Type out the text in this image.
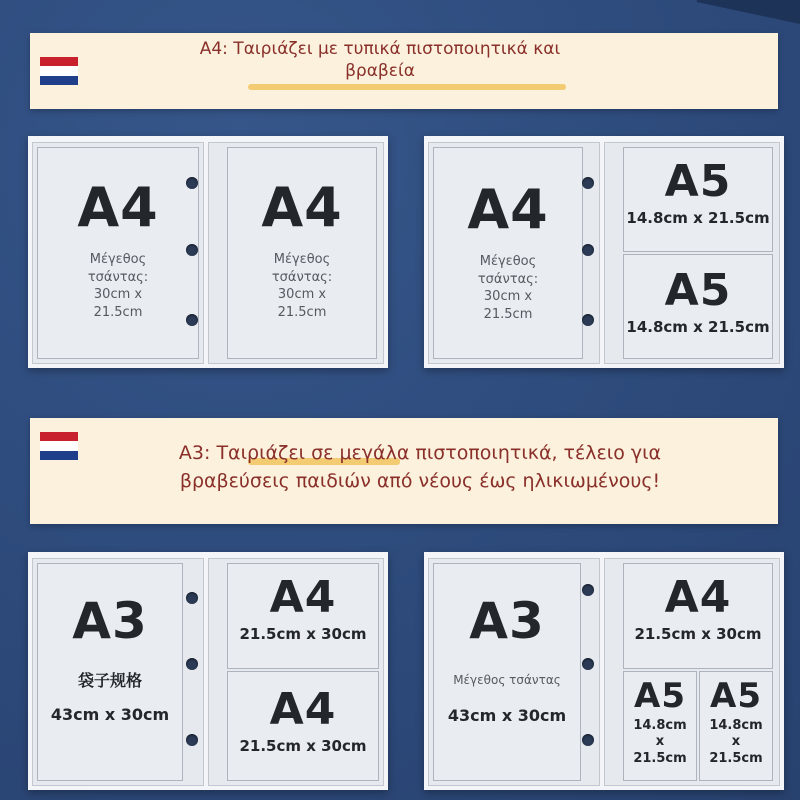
A4: Ταιριάζει με τυπικά πιστοποιητικά και
βραβεία
A4
Μέγεθος
τσάντας:
30cm x
21.5cm
A4
Μέγεθος
τσάντας:
30cm x
21.5cm
A4
Μέγεθος
τσάντας:
30cm x
21.5cm
A5
14.8cm x 21.5cm
A5
14.8cm x 21.5cm
A3: Ταιριάζει σε μεγάλα πιστοποιητικά, τέλειο για
βραβεύσεις παιδιών από νέους έως ηλικιωμένους!
A3
袋子规格
43cm x 30cm
A4
21.5cm x 30cm
A4
21.5cm x 30cm
A3
Μέγεθος τσάντας
43cm x 30cm
A4
21.5cm x 30cm
A5
14.8cm
x
21.5cm
A5
14.8cm
x
21.5cm
